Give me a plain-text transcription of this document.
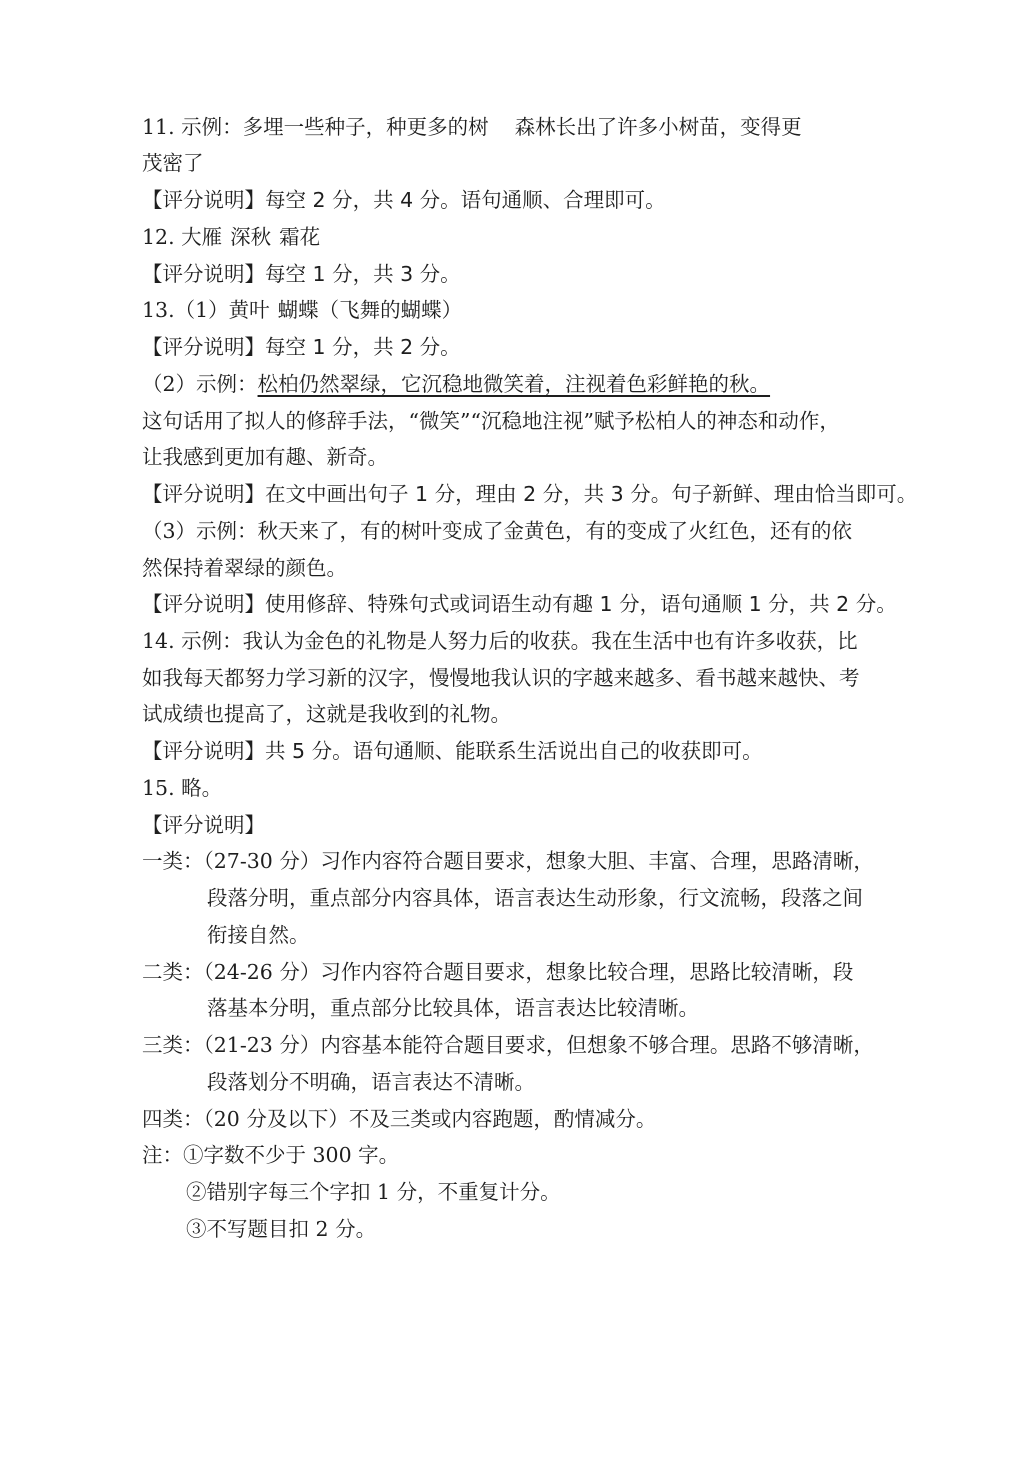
11. 示例：多埋一些种子，种更多的树 森林长出了许多小树苗，变得更
茂密了
【评分说明】每空 2 分，共 4 分。语句通顺、合理即可。
12. 大雁 深秋 霜花
【评分说明】每空 1 分，共 3 分。
13.（1）黄叶 蝴蝶（飞舞的蝴蝶）
【评分说明】每空 1 分，共 2 分。
（2）示例：松柏仍然翠绿，它沉稳地微笑着，注视着色彩鲜艳的秋。
这句话用了拟人的修辞手法，“微笑”“沉稳地注视”赋予松柏人的神态和动作，
让我感到更加有趣、新奇。
【评分说明】在文中画出句子 1 分，理由 2 分，共 3 分。句子新鲜、理由恰当即可。
（3）示例：秋天来了，有的树叶变成了金黄色，有的变成了火红色，还有的依
然保持着翠绿的颜色。
【评分说明】使用修辞、特殊句式或词语生动有趣 1 分，语句通顺 1 分，共 2 分。
14. 示例：我认为金色的礼物是人努力后的收获。我在生活中也有许多收获，比
如我每天都努力学习新的汉字，慢慢地我认识的字越来越多、看书越来越快、考
试成绩也提高了，这就是我收到的礼物。
【评分说明】共 5 分。语句通顺、能联系生活说出自己的收获即可。
15. 略。
【评分说明】
一类：（27-30 分）习作内容符合题目要求，想象大胆、丰富、合理，思路清晰，
段落分明，重点部分内容具体，语言表达生动形象，行文流畅，段落之间
衔接自然。
二类：（24-26 分）习作内容符合题目要求，想象比较合理，思路比较清晰，段
落基本分明，重点部分比较具体，语言表达比较清晰。
三类：（21-23 分）内容基本能符合题目要求，但想象不够合理。思路不够清晰，
段落划分不明确，语言表达不清晰。
四类：（20 分及以下）不及三类或内容跑题，酌情减分。
注：①字数不少于 300 字。
②错别字每三个字扣 1 分，不重复计分。
③不写题目扣 2 分。
